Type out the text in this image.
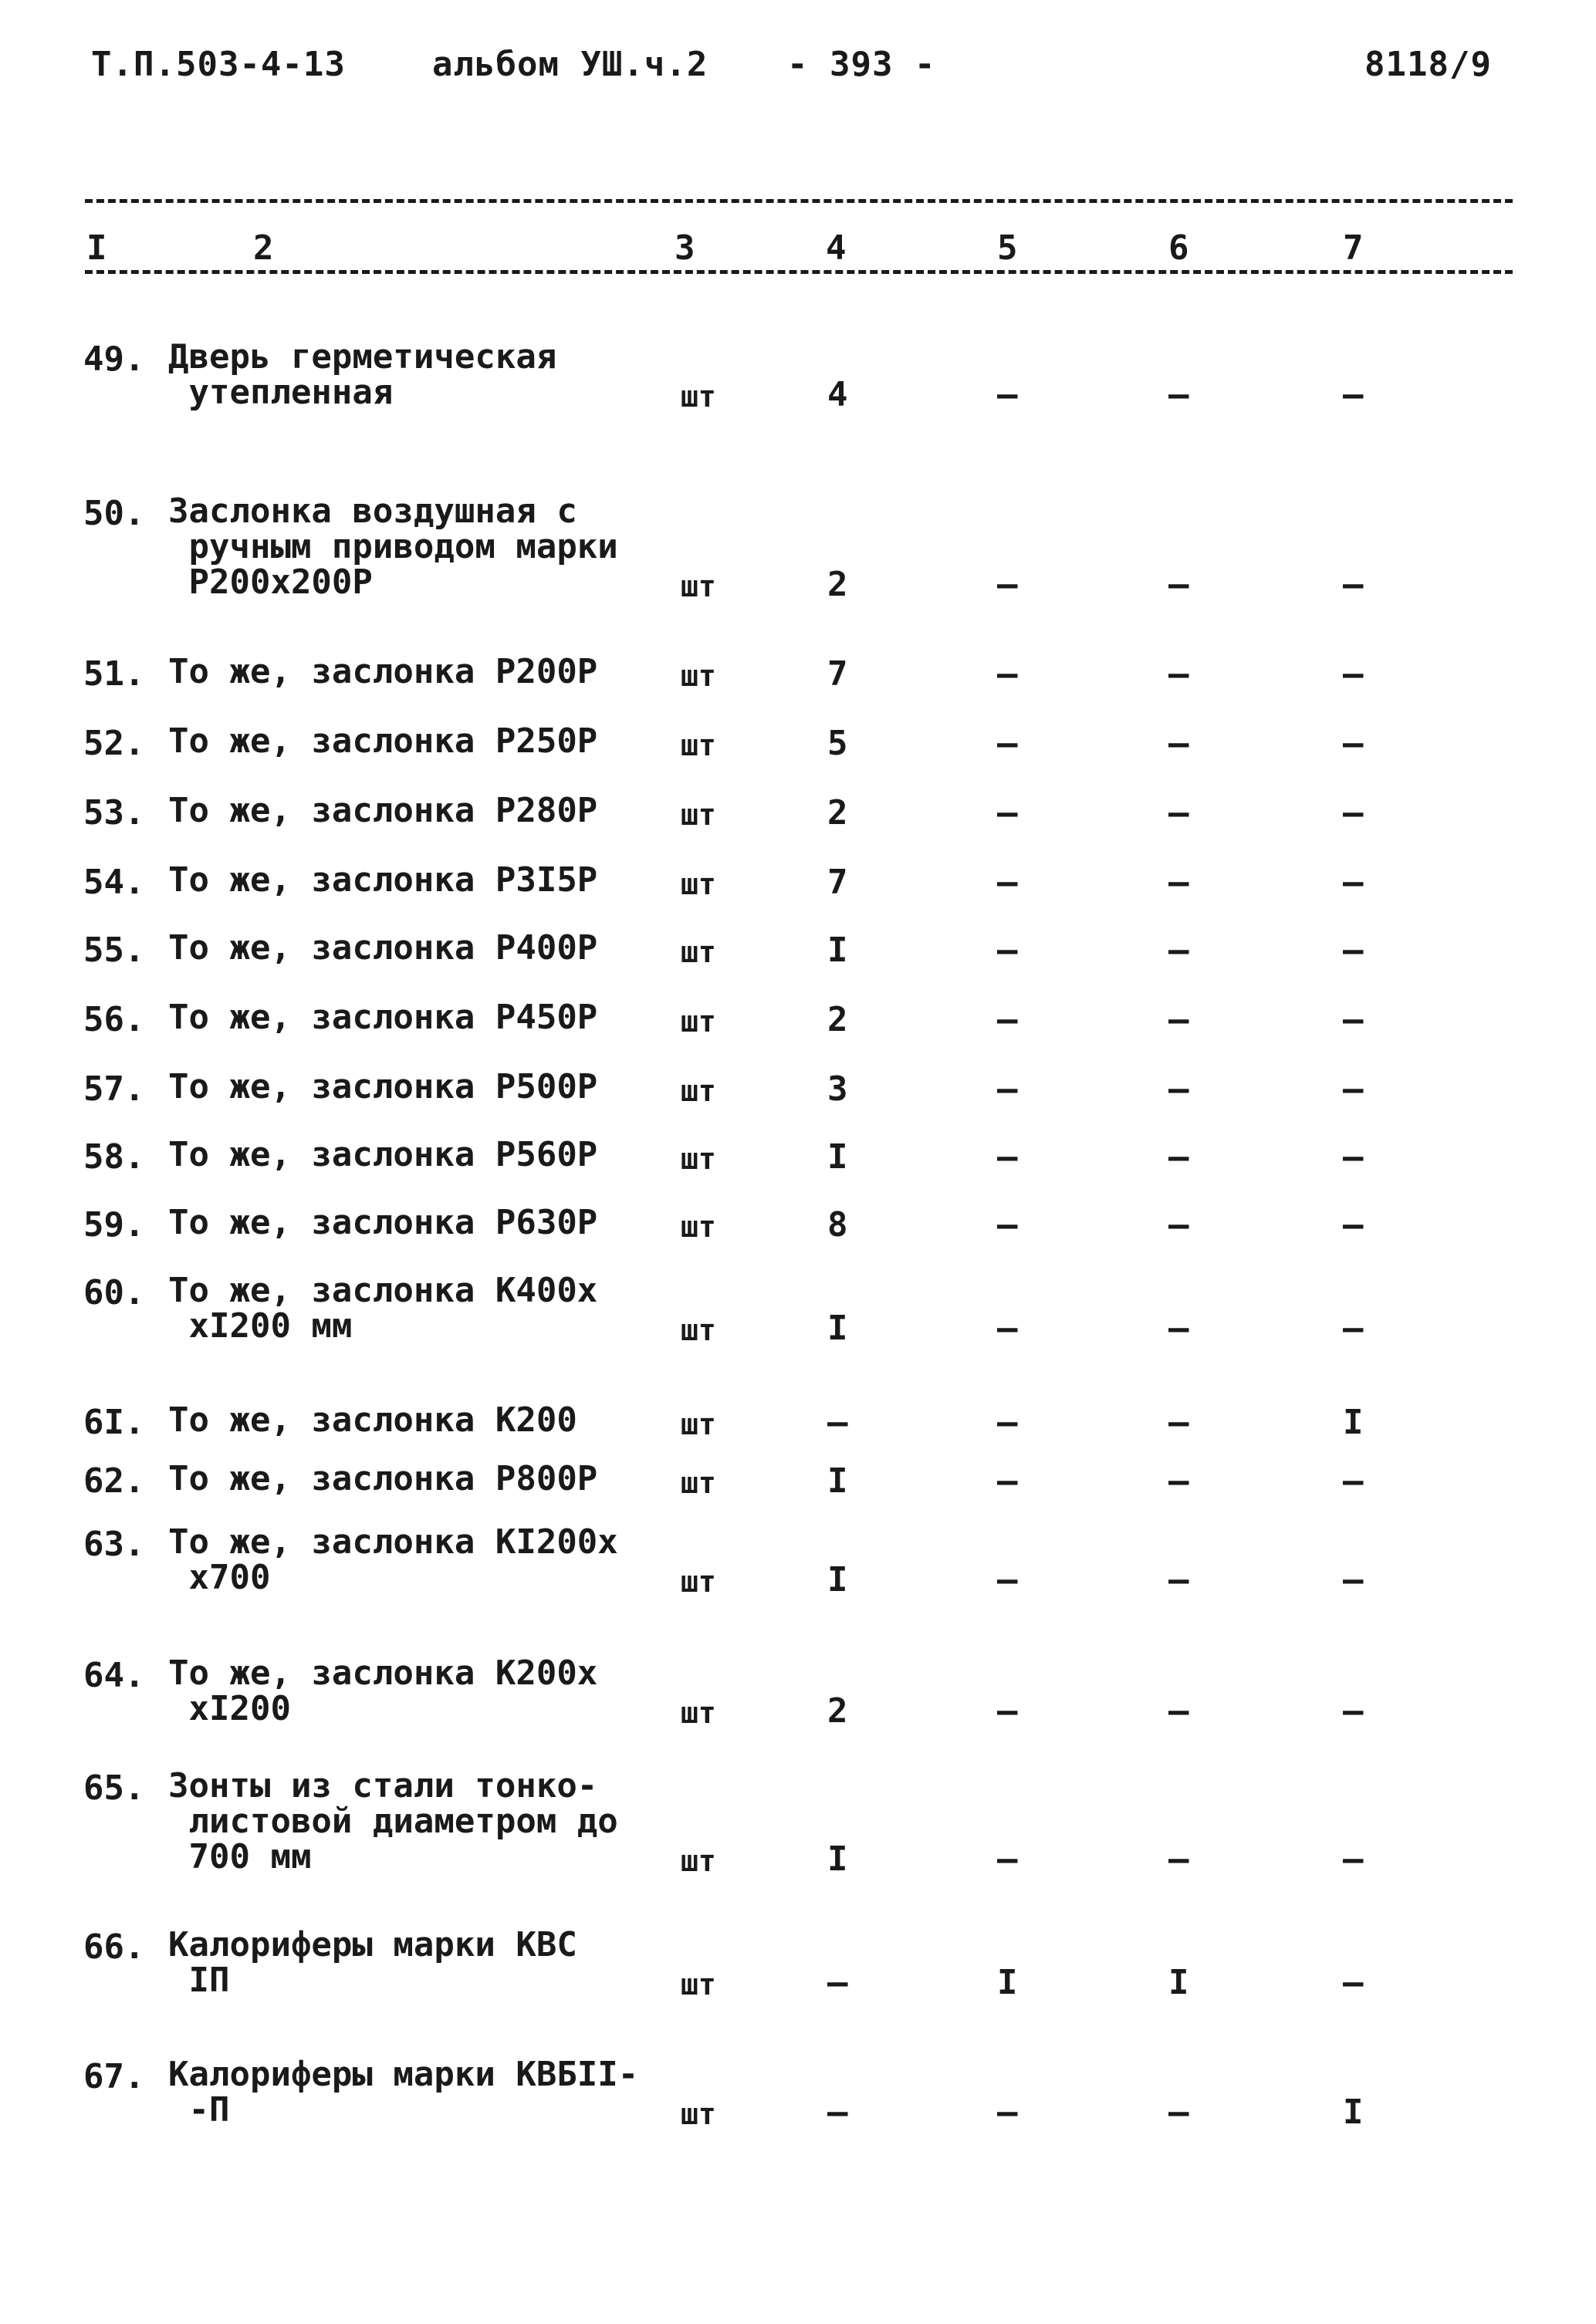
Т.П.503-4-13	альбом УШ.ч.2 - 393 -	8118/9
I	2	3	4	5	6	7
49. Дверь герметическая
утепленная	шт	4	–	–	–
50. Заслонка воздушная с
ручным приводом марки
Р200х200Р	шт	2	–	–	–
51. То же, заслонка Р200Р	шт	7	–	–	–
52. То же, заслонка Р250Р	шт	5	–	–	–
53. То же, заслонка Р280Р	шт	2	–	–	–
54. То же, заслонка Р3I5Р	шт	7	–	–	–
55. То же, заслонка Р400Р	шт	I	–	–	–
56. То же, заслонка Р450Р	шт	2	–	–	–
57. То же, заслонка Р500Р	шт	3	–	–	–
58. То же, заслонка Р560Р	шт	I	–	–	–
59. То же, заслонка Р630Р	шт	8	–	–	–
60. То же, заслонка К400х
хI200 мм	шт	I	–	–	–
6I. То же, заслонка К200	шт	–	–	–	I
62. То же, заслонка Р800Р	шт	I	–	–	–
63. То же, заслонка КI200х
х700	шт	I	–	–	–
64. То же, заслонка К200х
хI200	шт	2	–	–	–
65. Зонты из стали тонко-
листовой диаметром до
700 мм	шт	I	–	–	–
66. Калориферы марки КВС
IП	шт	–	I	I	–
67. Калориферы марки КВБII-
-П	шт	–	–	–	I
